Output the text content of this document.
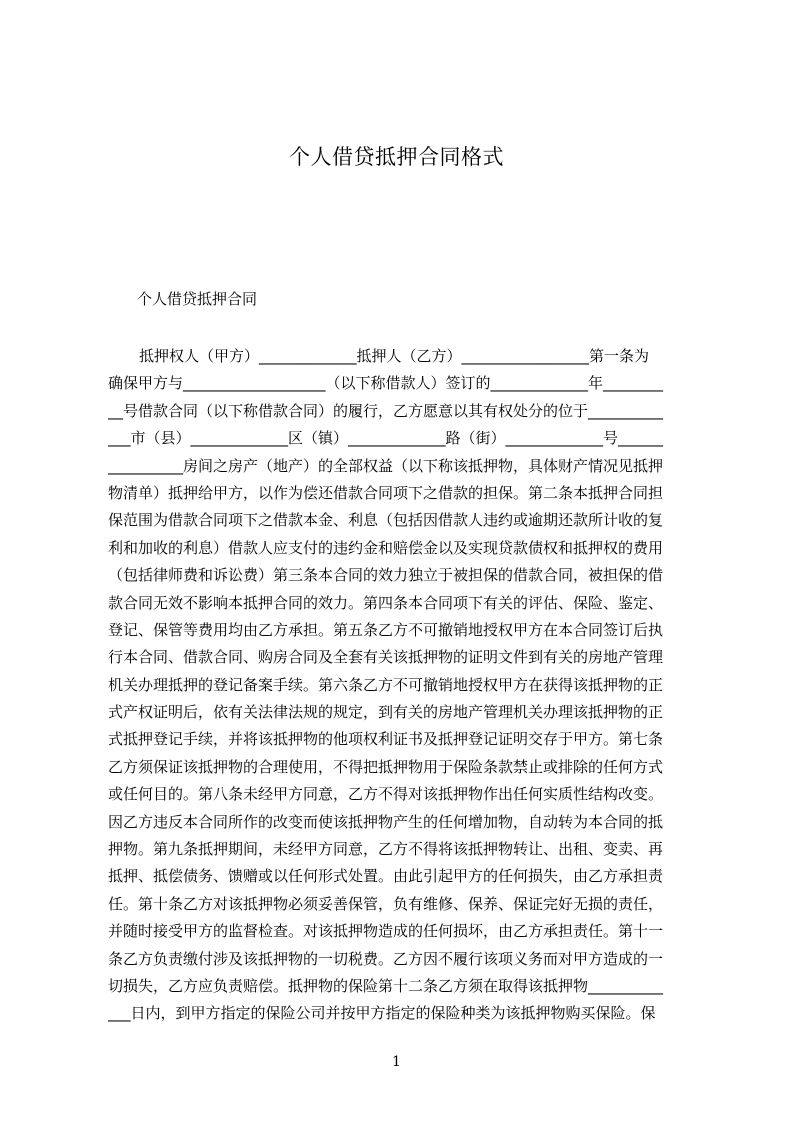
个人借贷抵押合同格式
个人借贷抵押合同
抵押权人（甲方）_____________抵押人（乙方）_________________第一条为
确保甲方与___________________（以下称借款人）签订的_____________年________
__号借款合同（以下称借款合同）的履行，乙方愿意以其有权处分的位于__________
___市（县）_____________区（镇）_____________路（街）_____________号______
__________房间之房产（地产）的全部权益（以下称该抵押物，具体财产情况见抵押
物清单）抵押给甲方，以作为偿还借款合同项下之借款的担保。第二条本抵押合同担
保范围为借款合同项下之借款本金、利息（包括因借款人违约或逾期还款所计收的复
利和加收的利息）借款人应支付的违约金和赔偿金以及实现贷款债权和抵押权的费用
（包括律师费和诉讼费）第三条本合同的效力独立于被担保的借款合同，被担保的借
款合同无效不影响本抵押合同的效力。第四条本合同项下有关的评估、保险、鉴定、
登记、保管等费用均由乙方承担。第五条乙方不可撤销地授权甲方在本合同签订后执
行本合同、借款合同、购房合同及全套有关该抵押物的证明文件到有关的房地产管理
机关办理抵押的登记备案手续。第六条乙方不可撤销地授权甲方在获得该抵押物的正
式产权证明后，依有关法律法规的规定，到有关的房地产管理机关办理该抵押物的正
式抵押登记手续，并将该抵押物的他项权利证书及抵押登记证明交存于甲方。第七条
乙方须保证该抵押物的合理使用，不得把抵押物用于保险条款禁止或排除的任何方式
或任何目的。第八条未经甲方同意，乙方不得对该抵押物作出任何实质性结构改变。
因乙方违反本合同所作的改变而使该抵押物产生的任何增加物，自动转为本合同的抵
押物。第九条抵押期间，未经甲方同意，乙方不得将该抵押物转让、出租、变卖、再
抵押、抵偿债务、馈赠或以任何形式处置。由此引起甲方的任何损失，由乙方承担责
任。第十条乙方对该抵押物必须妥善保管，负有维修、保养、保证完好无损的责任，
并随时接受甲方的监督检查。对该抵押物造成的任何损坏，由乙方承担责任。第十一
条乙方负责缴付涉及该抵押物的一切税费。乙方因不履行该项义务而对甲方造成的一
切损失，乙方应负责赔偿。抵押物的保险第十二条乙方须在取得该抵押物__________
___日内，到甲方指定的保险公司并按甲方指定的保险种类为该抵押物购买保险。保
1
